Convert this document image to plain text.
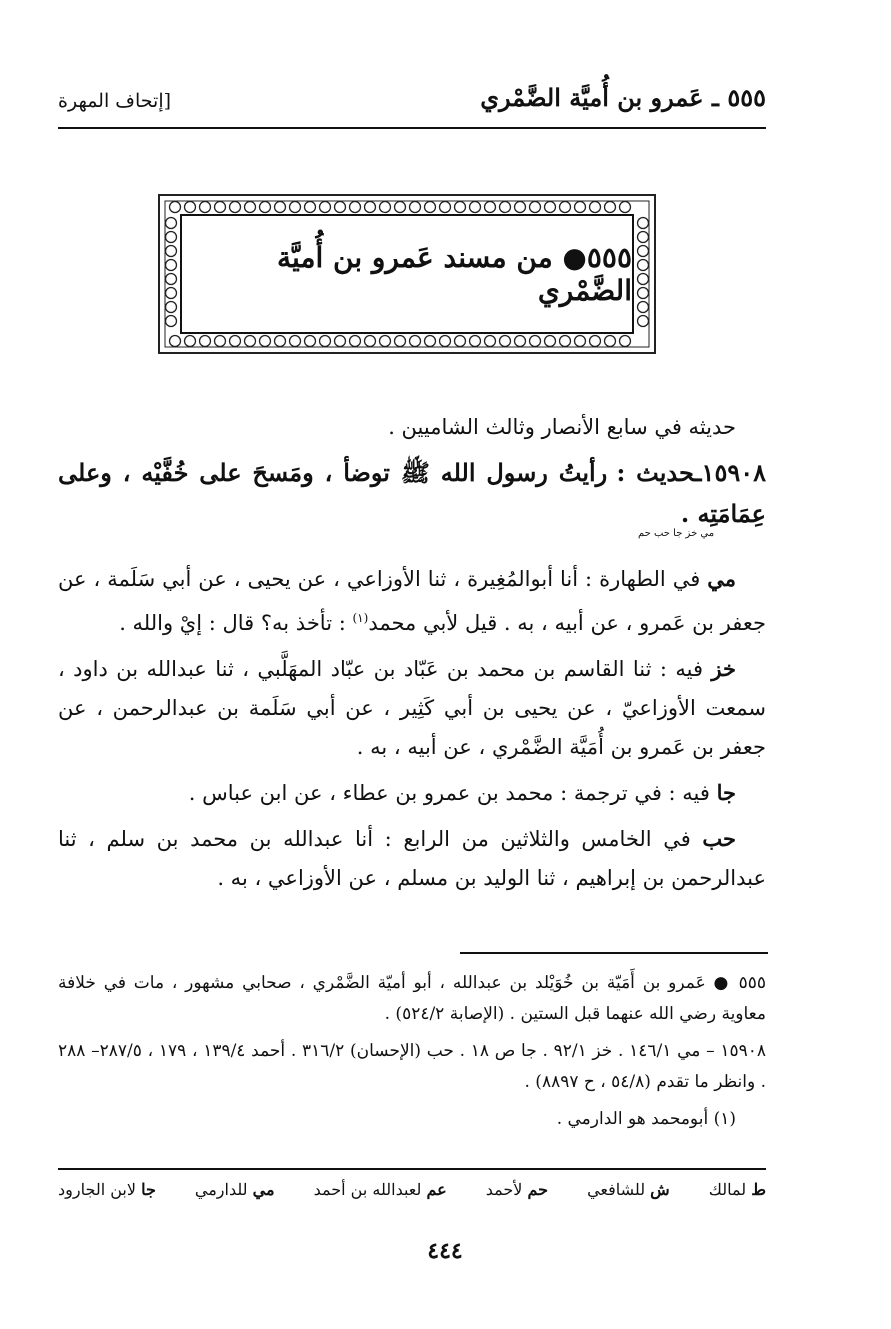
٥٥٥ ـ عَمرو بن أُميَّة الضَّمْري
[إتحاف المهرة
٥٥٥● من مسند عَمرو بن أُميَّة الضَّمْري

حديثه في سابع الأنصار وثالث الشاميين .

١٥٩٠٨ـحديث : رأيتُ رسول الله ﷺ توضأ ، ومَسحَ على خُفَّيْه ، وعلى عِمَامَتِه . مي خز جا حب حم

مي في الطهارة : أنا أبوالمُغِيرة ، ثنا الأوزاعي ، عن يحيى ، عن أبي سَلَمة ، عن جعفر بن عَمرو ، عن أبيه ، به . قيل لأبي محمد$^{(١)}$ : تأخذ به؟ قال : إيْ والله .

خز فيه : ثنا القاسم بن محمد بن عَبّاد بن عبّاد المهَلَّبي ، ثنا عبدالله بن داود ، سمعت الأوزاعيّ ، عن يحيى بن أبي كَثِير ، عن أبي سَلَمة بن عبدالرحمن ، عن جعفر بن عَمرو بن أُمَيَّة الضَّمْري ، عن أبيه ، به .

جا فيه : في ترجمة : محمد بن عمرو بن عطاء ، عن ابن عباس .

حب في الخامس والثلاثين من الرابع : أنا عبدالله بن محمد بن سلم ، ثنا عبدالرحمن بن إبراهيم ، ثنا الوليد بن مسلم ، عن الأوزاعي ، به .

٥٥٥ ● عَمرو بن أَمَيّة بن خُوَيْلد بن عبدالله ، أبو أميّة الضَّمْري ، صحابي مشهور ، مات في خلافة معاوية رضي الله عنهما قبل الستين . (الإصابة ٥٢٤/٢) .

١٥٩٠٨ – مي ١٤٦/١ . خز ٩٢/١ . جا ص ١٨ . حب (الإحسان) ٣١٦/٢ . أحمد ١٣٩/٤ ، ١٧٩ ، ٢٨٧/٥– ٢٨٨ . وانظر ما تقدم (٥٤/٨ ، ح ٨٨٩٧) .

(١) أبومحمد هو الدارمي .

ط لمالك
ش للشافعي
حم لأحمد
عم لعبدالله بن أحمد
مي للدارمي
جا لابن الجارود
٤٤٤
